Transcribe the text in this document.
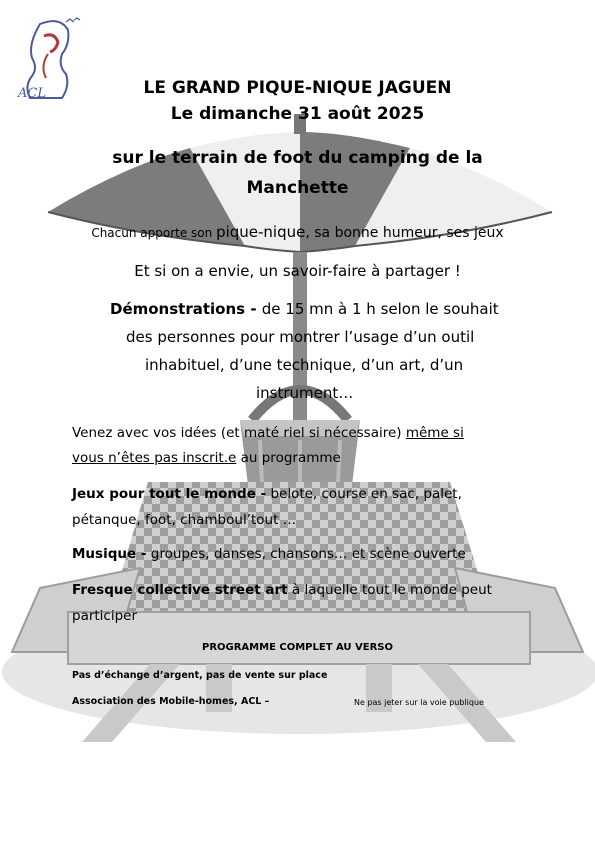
ACL	LE GRAND PIQUE-NIQUE JAGUEN
Le dimanche 31 août 2025
sur le terrain de foot du camping de la
Manchette
Chacun apporte son pique-nique, sa bonne humeur, ses jeux
Et si on a envie, un savoir-faire à partager !
Démonstrations - de 15 mn à 1 h selon le souhait
des personnes pour montrer l’usage d’un outil
inhabituel, d’une technique, d’un art, d’un
instrument…
Venez avec vos idées (et maté riel si nécessaire) même si
vous n’êtes pas inscrit.e au programme
Jeux pour tout le monde - belote, course en sac, palet,
pétanque, foot, chamboul’tout …
Musique - groupes, danses, chansons… et scène ouverte
Fresque collective street art à laquelle tout le monde peut
participer
PROGRAMME COMPLET AU VERSO
Pas d’échange d’argent, pas de vente sur place
Association des Mobile-homes, ACL –	Ne pas jeter sur la voie publique
